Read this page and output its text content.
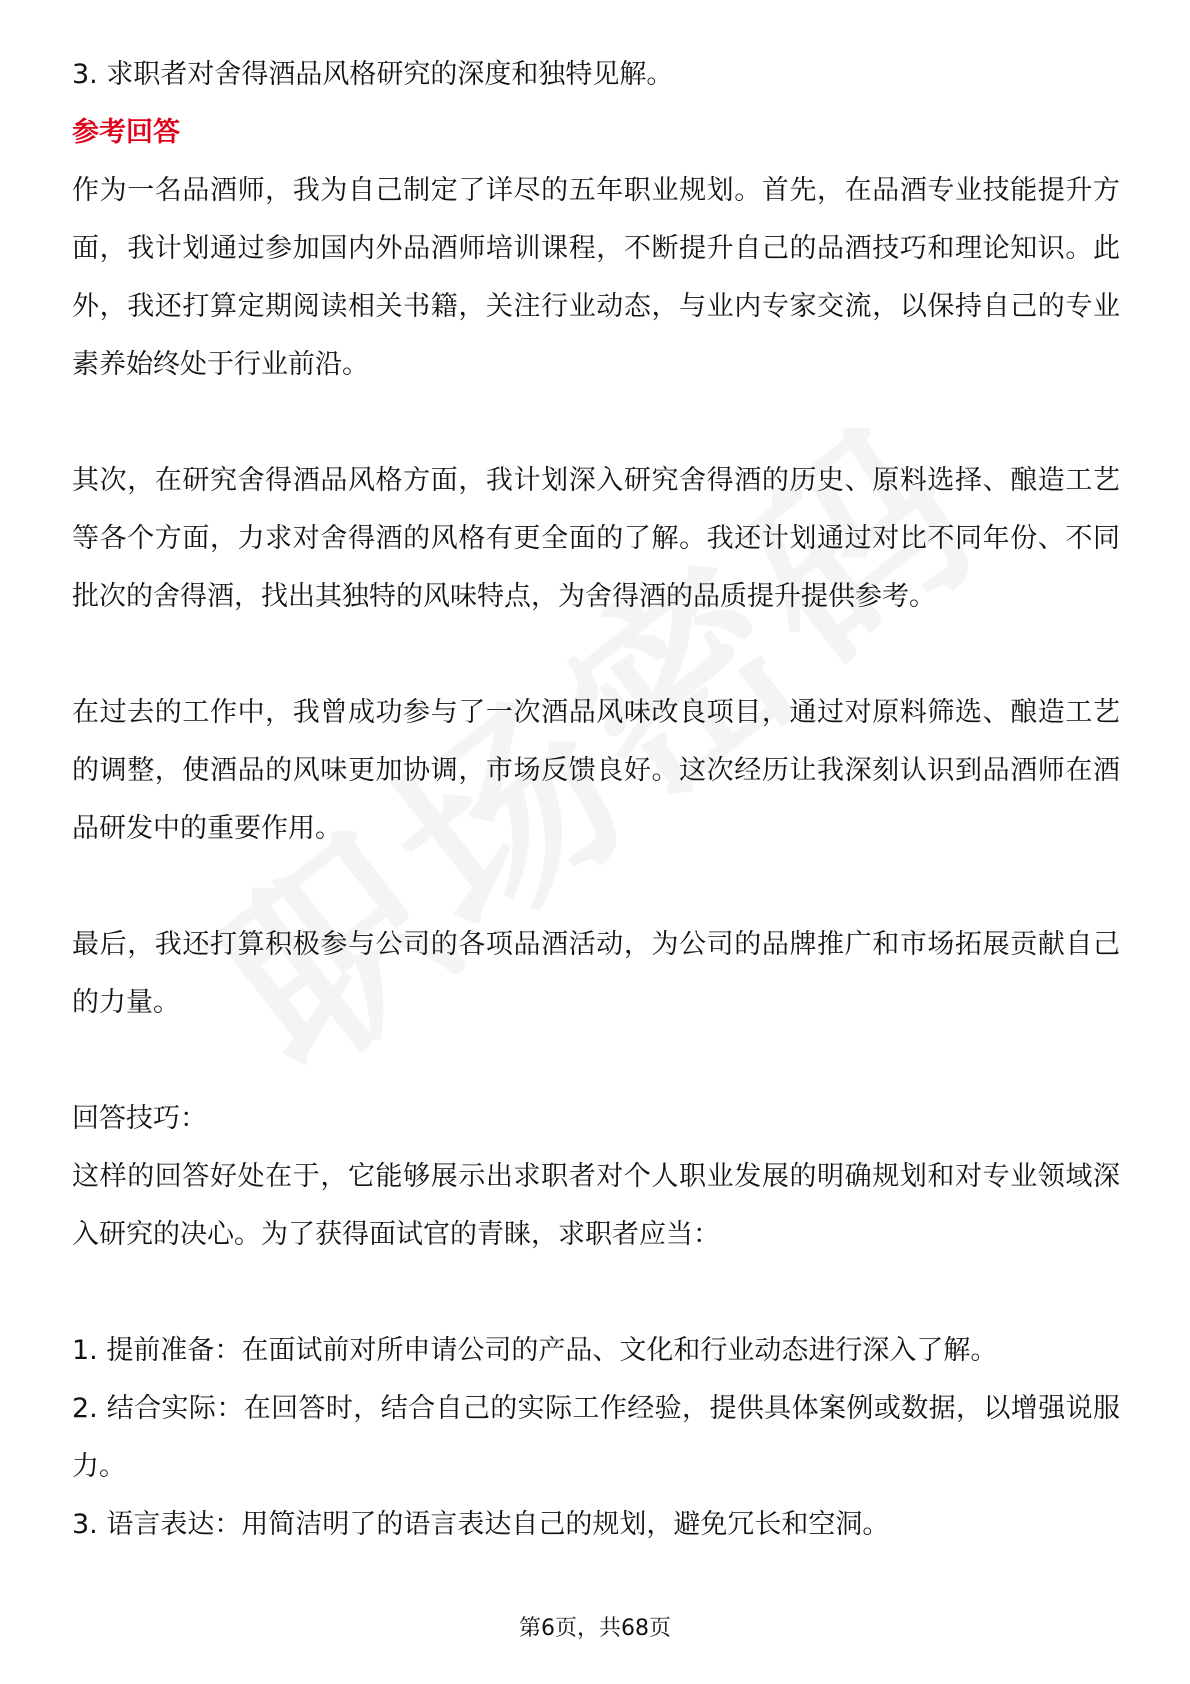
3. 求职者对舍得酒品风格研究的深度和独特见解。

参考回答

作为一名品酒师，我为自己制定了详尽的五年职业规划。首先，在品酒专业技能提升方面，我计划通过参加国内外品酒师培训课程，不断提升自己的品酒技巧和理论知识。此外，我还打算定期阅读相关书籍，关注行业动态，与业内专家交流，以保持自己的专业素养始终处于行业前沿。

其次，在研究舍得酒品风格方面，我计划深入研究舍得酒的历史、原料选择、酿造工艺等各个方面，力求对舍得酒的风格有更全面的了解。我还计划通过对比不同年份、不同批次的舍得酒，找出其独特的风味特点，为舍得酒的品质提升提供参考。

在过去的工作中，我曾成功参与了一次酒品风味改良项目，通过对原料筛选、酿造工艺的调整，使酒品的风味更加协调，市场反馈良好。这次经历让我深刻认识到品酒师在酒品研发中的重要作用。

最后，我还打算积极参与公司的各项品酒活动，为公司的品牌推广和市场拓展贡献自己的力量。

回答技巧：

这样的回答好处在于，它能够展示出求职者对个人职业发展的明确规划和对专业领域深入研究的决心。为了获得面试官的青睐，求职者应当：

1. 提前准备：在面试前对所申请公司的产品、文化和行业动态进行深入了解。

2. 结合实际：在回答时，结合自己的实际工作经验，提供具体案例或数据，以增强说服力。

3. 语言表达：用简洁明了的语言表达自己的规划，避免冗长和空洞。

第6页，共68页
